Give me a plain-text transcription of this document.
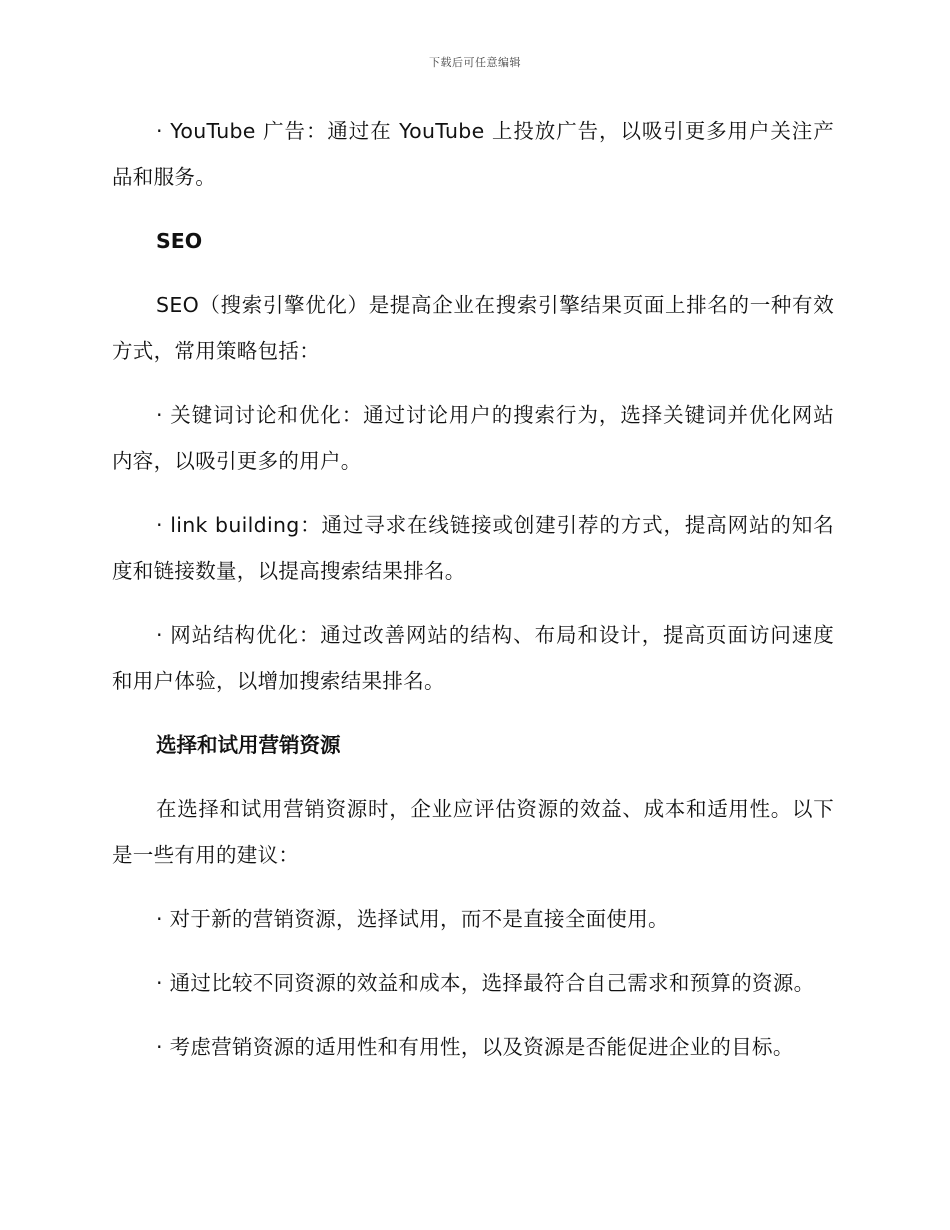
下载后可任意编辑

· YouTube 广告：通过在 YouTube 上投放广告，以吸引更多用户关注产品和服务。

SEO

SEO（搜索引擎优化）是提高企业在搜索引擎结果页面上排名的一种有效方式，常用策略包括：

· 关键词讨论和优化：通过讨论用户的搜索行为，选择关键词并优化网站内容，以吸引更多的用户。

· link building：通过寻求在线链接或创建引荐的方式，提高网站的知名度和链接数量，以提高搜索结果排名。

· 网站结构优化：通过改善网站的结构、布局和设计，提高页面访问速度和用户体验，以增加搜索结果排名。

选择和试用营销资源

在选择和试用营销资源时，企业应评估资源的效益、成本和适用性。以下是一些有用的建议：

· 对于新的营销资源，选择试用，而不是直接全面使用。

· 通过比较不同资源的效益和成本，选择最符合自己需求和预算的资源。

· 考虑营销资源的适用性和有用性，以及资源是否能促进企业的目标。
